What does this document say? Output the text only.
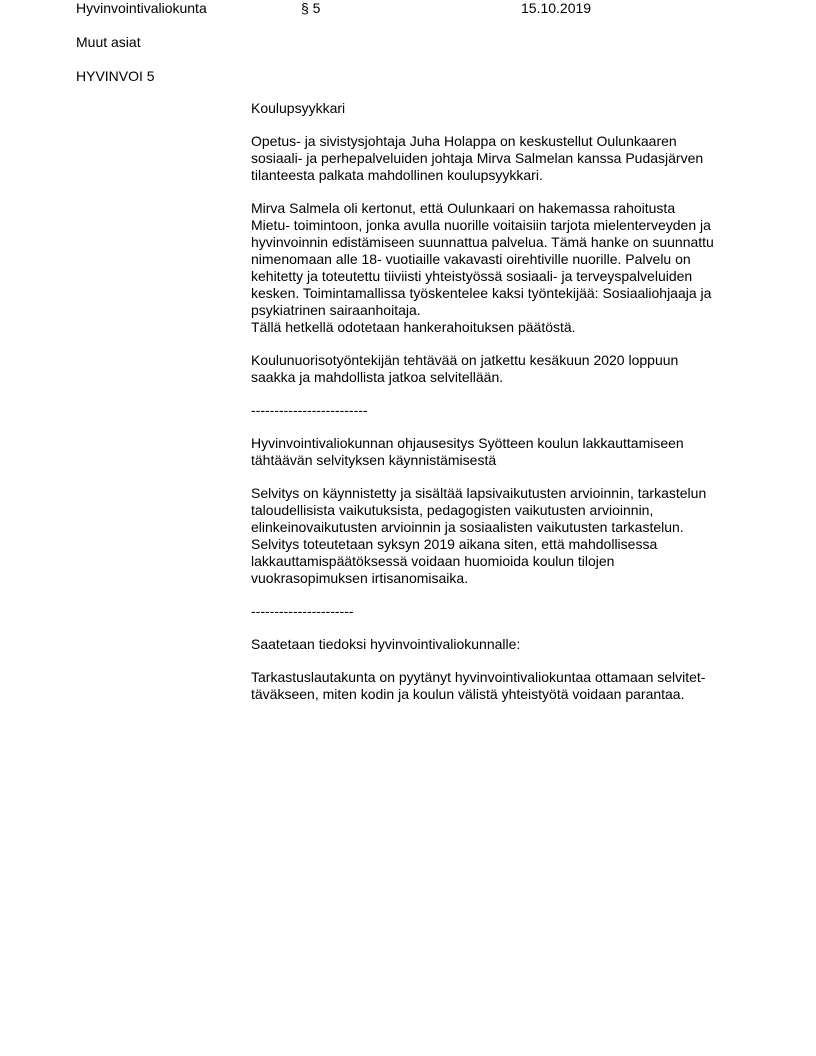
Hyvinvointivaliokunta	§ 5	15.10.2019
Muut asiat
HYVINVOI 5

Koulupsyykkari

Opetus- ja sivistysjohtaja Juha Holappa on keskustellut Oulunkaaren
sosiaali- ja perhepalveluiden johtaja Mirva Salmelan kanssa Pudasjärven
tilanteesta palkata mahdollinen koulupsyykkari.

Mirva Salmela oli kertonut, että Oulunkaari on hakemassa rahoitusta
Mietu- toimintoon, jonka avulla nuorille voitaisiin tarjota mielenterveyden ja
hyvinvoinnin edistämiseen suunnattua palvelua. Tämä hanke on suunnattu
nimenomaan alle 18- vuotiaille vakavasti oirehtiville nuorille. Palvelu on
kehitetty ja toteutettu tiiviisti yhteistyössä sosiaali- ja terveyspalveluiden
kesken. Toimintamallissa työskentelee kaksi työntekijää: Sosiaaliohjaaja ja
psykiatrinen sairaanhoitaja.
Tällä hetkellä odotetaan hankerahoituksen päätöstä.

Koulunuorisotyöntekijän tehtävää on jatkettu kesäkuun 2020 loppuun
saakka ja mahdollista jatkoa selvitellään.

-------------------------

Hyvinvointivaliokunnan ohjausesitys Syötteen koulun lakkauttamiseen
tähtäävän selvityksen käynnistämisestä

Selvitys on käynnistetty ja sisältää lapsivaikutusten arvioinnin, tarkastelun
taloudellisista vaikutuksista, pedagogisten vaikutusten arvioinnin,
elinkeinovaikutusten arvioinnin ja sosiaalisten vaikutusten tarkastelun.
Selvitys toteutetaan syksyn 2019 aikana siten, että mahdollisessa
lakkauttamispäätöksessä voidaan huomioida koulun tilojen
vuokrasopimuksen irtisanomisaika.

----------------------

Saatetaan tiedoksi hyvinvointivaliokunnalle:

Tarkastuslautakunta on pyytänyt hyvinvointivaliokuntaa ottamaan selvitet-
täväkseen, miten kodin ja koulun välistä yhteistyötä voidaan parantaa.
